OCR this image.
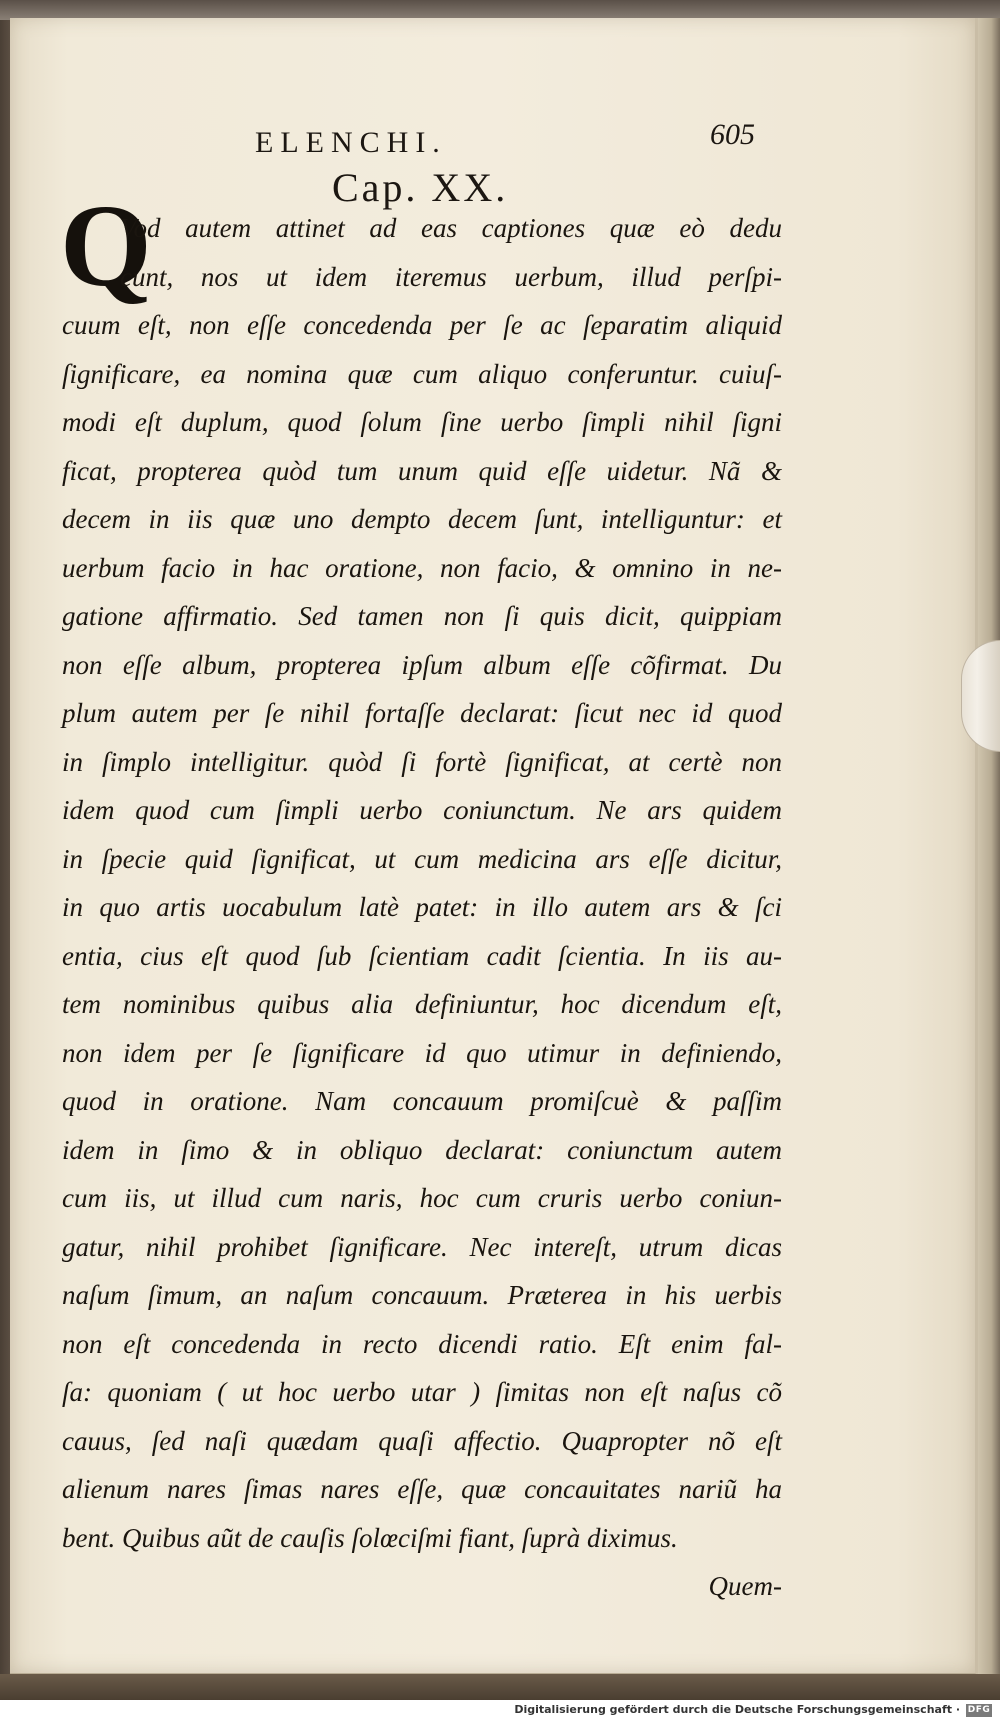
ELENCHI.	605
Cap. XX.
Q
Vod autem attinet ad eas captiones quæ eò dedu
cunt, nos ut idem iteremus uerbum, illud perſpi-
cuum eſt, non eſſe concedenda per ſe ac ſeparatim aliquid
ſignificare, ea nomina quæ cum aliquo conferuntur. cuiuſ-
modi eſt duplum, quod ſolum ſine uerbo ſimpli nihil ſigni
ficat, propterea quòd tum unum quid eſſe uidetur. Nã &
decem in iis quæ uno dempto decem ſunt, intelliguntur: et
uerbum facio in hac oratione, non facio, & omnino in ne-
gatione affirmatio. Sed tamen non ſi quis dicit, quippiam
non eſſe album, propterea ipſum album eſſe cõfirmat. Du
plum autem per ſe nihil fortaſſe declarat: ſicut nec id quod
in ſimplo intelligitur. quòd ſi fortè ſignificat, at certè non
idem quod cum ſimpli uerbo coniunctum. Ne ars quidem
in ſpecie quid ſignificat, ut cum medicina ars eſſe dicitur,
in quo artis uocabulum latè patet: in illo autem ars & ſci
entia, cius eſt quod ſub ſcientiam cadit ſcientia. In iis au-
tem nominibus quibus alia definiuntur, hoc dicendum eſt,
non idem per ſe ſignificare id quo utimur in definiendo,
quod in oratione. Nam concauum promiſcuè & paſſim
idem in ſimo & in obliquo declarat: coniunctum autem
cum iis, ut illud cum naris, hoc cum cruris uerbo coniun-
gatur, nihil prohibet ſignificare. Nec intereſt, utrum dicas
naſum ſimum, an naſum concauum. Præterea in his uerbis
non eſt concedenda in recto dicendi ratio. Eſt enim fal-
ſa: quoniam ( ut hoc uerbo utar ) ſimitas non eſt naſus cõ
cauus, ſed naſi quædam quaſi affectio. Quapropter nõ eſt
alienum nares ſimas nares eſſe, quæ concauitates nariũ ha
bent. Quibus aũt de cauſis ſolœciſmi fiant, ſuprà diximus.
Quem-
Digitalisierung gefördert durch die Deutsche Forschungsgemeinschaft · DFG
